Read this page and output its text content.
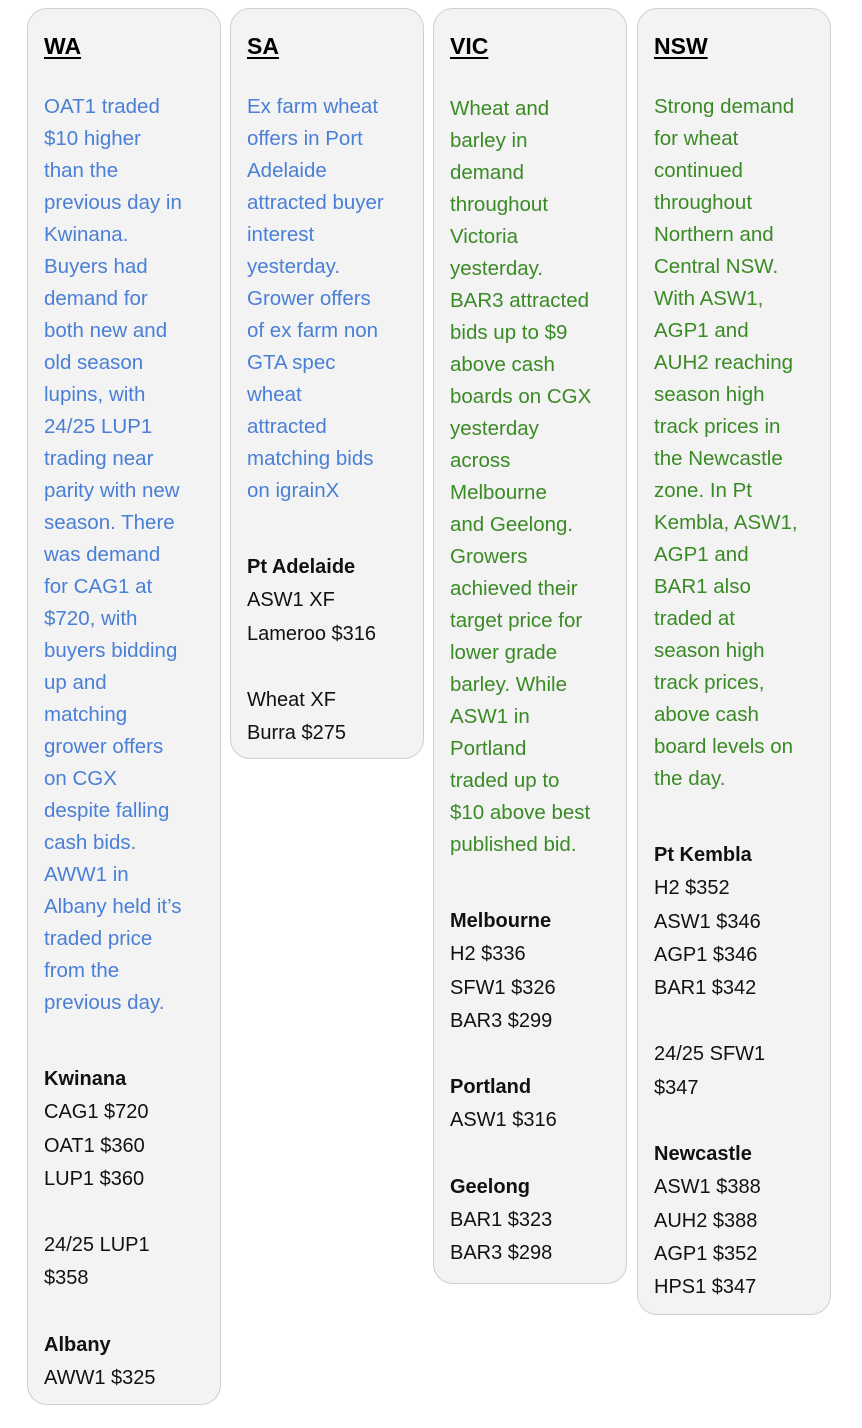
WA

OAT1 traded
$10 higher
than the
previous day in
Kwinana.
Buyers had
demand for
both new and
old season
lupins, with
24/25 LUP1
trading near
parity with new
season. There
was demand
for CAG1 at
$720, with
buyers bidding
up and
matching
grower offers
on CGX
despite falling
cash bids.
AWW1 in
Albany held it’s
traded price
from the
previous day.

Kwinana
CAG1 $720
OAT1 $360
LUP1 $360
24/25 LUP1
$358
Albany
AWW1 $325
SA

Ex farm wheat
offers in Port
Adelaide
attracted buyer
interest
yesterday.
Grower offers
of ex farm non
GTA spec
wheat
attracted
matching bids
on igrainX

Pt Adelaide
ASW1 XF
Lameroo $316
Wheat XF
Burra $275
VIC

Wheat and
barley in
demand
throughout
Victoria
yesterday.
BAR3 attracted
bids up to $9
above cash
boards on CGX
yesterday
across
Melbourne
and Geelong.
Growers
achieved their
target price for
lower grade
barley. While
ASW1 in
Portland
traded up to
$10 above best
published bid.

Melbourne
H2 $336
SFW1 $326
BAR3 $299
Portland
ASW1 $316
Geelong
BAR1 $323
BAR3 $298
NSW

Strong demand
for wheat
continued
throughout
Northern and
Central NSW.
With ASW1,
AGP1 and
AUH2 reaching
season high
track prices in
the Newcastle
zone. In Pt
Kembla, ASW1,
AGP1 and
BAR1 also
traded at
season high
track prices,
above cash
board levels on
the day.

Pt Kembla
H2 $352
ASW1 $346
AGP1 $346
BAR1 $342
24/25 SFW1
$347
Newcastle
ASW1 $388
AUH2 $388
AGP1 $352
HPS1 $347
